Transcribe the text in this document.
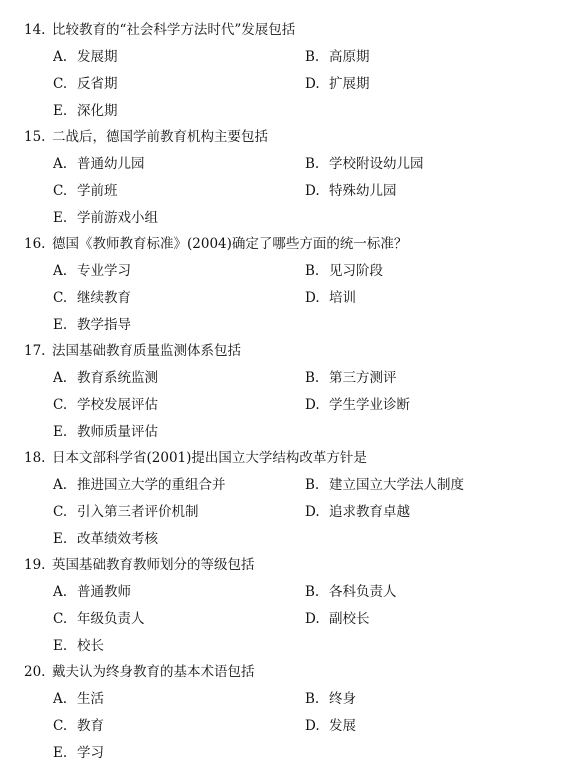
14. 比较教育的“社会科学方法时代”发展包括
A. 发展期	B. 高原期
C. 反省期	D. 扩展期
E. 深化期
15. 二战后，德国学前教育机构主要包括
A. 普通幼儿园	B. 学校附设幼儿园
C. 学前班	D. 特殊幼儿园
E. 学前游戏小组
16. 德国《教师教育标准》(2004)确定了哪些方面的统一标准？
A. 专业学习	B. 见习阶段
C. 继续教育	D. 培训
E. 教学指导
17. 法国基础教育质量监测体系包括
A. 教育系统监测	B. 第三方测评
C. 学校发展评估	D. 学生学业诊断
E. 教师质量评估
18. 日本文部科学省(2001)提出国立大学结构改革方针是
A. 推进国立大学的重组合并	B. 建立国立大学法人制度
C. 引入第三者评价机制	D. 追求教育卓越
E. 改革绩效考核
19. 英国基础教育教师划分的等级包括
A. 普通教师	B. 各科负责人
C. 年级负责人	D. 副校长
E. 校长
20. 戴夫认为终身教育的基本术语包括
A. 生活	B. 终身
C. 教育	D. 发展
E. 学习
